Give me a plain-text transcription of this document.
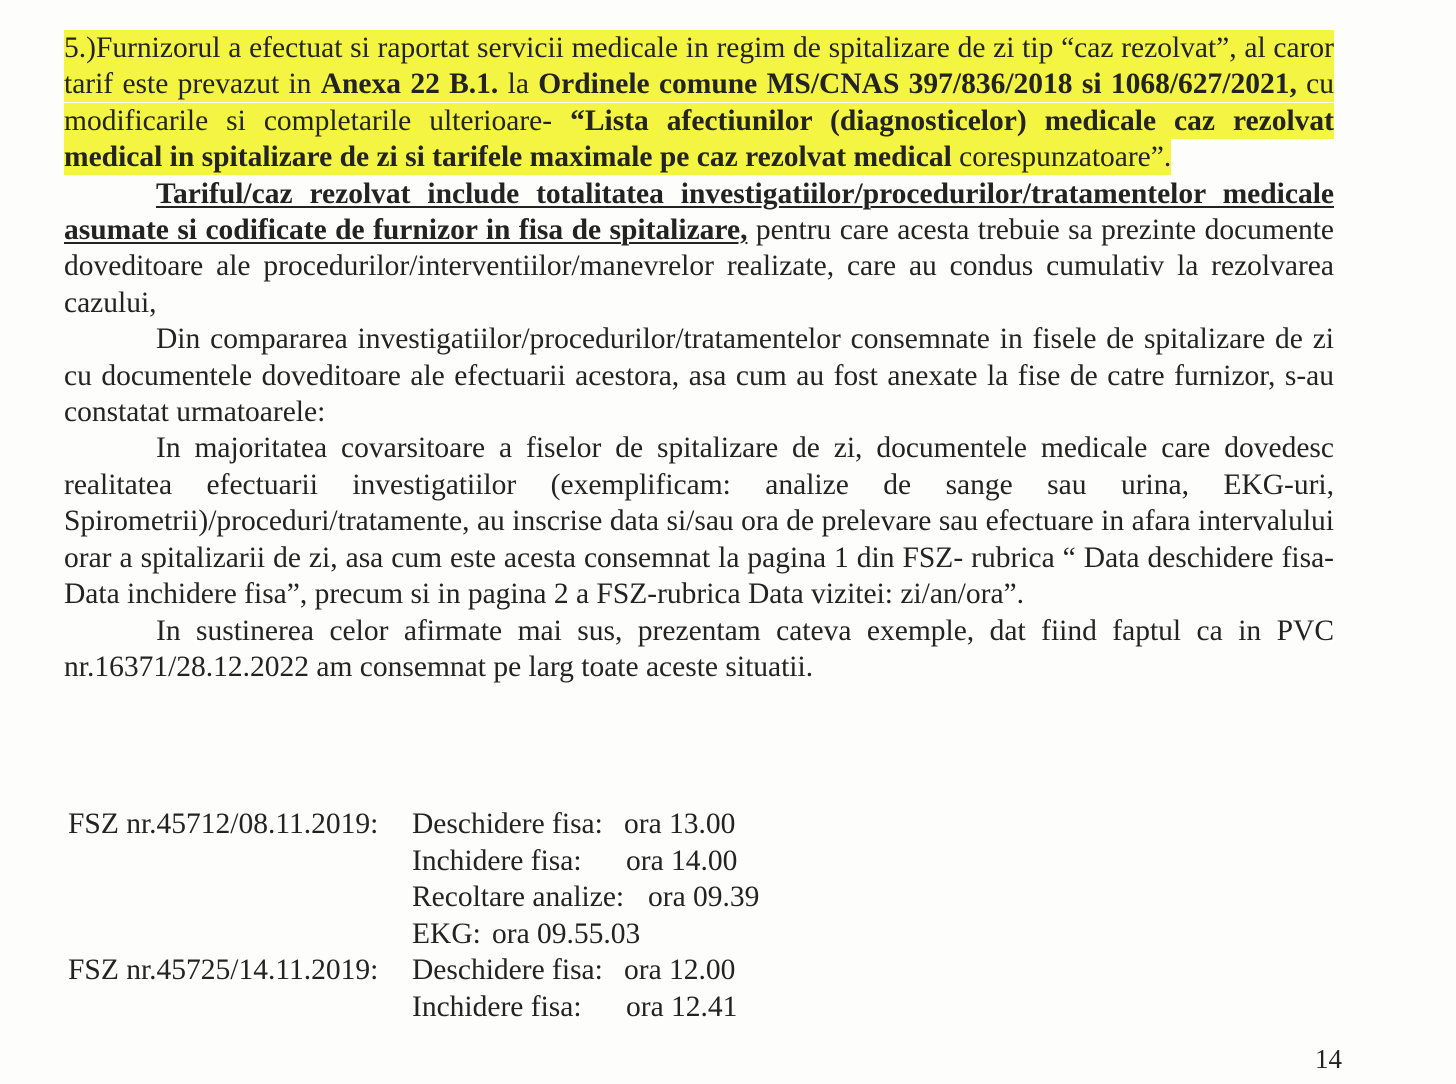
5.)Furnizorul a efectuat si raportat servicii medicale in regim de spitalizare de zi tip “caz rezolvat”, al caror tarif este prevazut in Anexa 22 B.1. la Ordinele comune MS/CNAS 397/836/2018 si 1068/627/2021, cu modificarile si completarile ulterioare- “Lista afectiunilor (diagnosticelor) medicale caz rezolvat medical in spitalizare de zi si tarifele maximale pe caz rezolvat medical corespunzatoare”.

Tariful/caz rezolvat include totalitatea investigatiilor/procedurilor/tratamentelor medicale asumate si codificate de furnizor in fisa de spitalizare, pentru care acesta trebuie sa prezinte documente doveditoare ale procedurilor/interventiilor/manevrelor realizate, care au condus cumulativ la rezolvarea cazului,

Din compararea investigatiilor/procedurilor/tratamentelor consemnate in fisele de spitalizare de zi cu documentele doveditoare ale efectuarii acestora, asa cum au fost anexate la fise de catre furnizor, s-au constatat urmatoarele:

In majoritatea covarsitoare a fiselor de spitalizare de zi, documentele medicale care dovedesc realitatea efectuarii investigatiilor (exemplificam: analize de sange sau urina, EKG-uri, Spirometrii)/proceduri/tratamente, au inscrise data si/sau ora de prelevare sau efectuare in afara intervalului orar a spitalizarii de zi, asa cum este acesta consemnat la pagina 1 din FSZ- rubrica “ Data deschidere fisa-Data inchidere fisa”, precum si in pagina 2 a FSZ-rubrica Data vizitei: zi/an/ora”.

In sustinerea celor afirmate mai sus, prezentam cateva exemple, dat fiind faptul ca in PVC nr.16371/28.12.2022 am consemnat pe larg toate aceste situatii.

FSZ nr.45712/08.11.2019:	Deschidere fisa: ora 13.00
Inchidere fisa: ora 14.00
Recoltare analize: ora 09.39
EKG: ora 09.55.03
FSZ nr.45725/14.11.2019:	Deschidere fisa: ora 12.00
Inchidere fisa: ora 12.41
14
